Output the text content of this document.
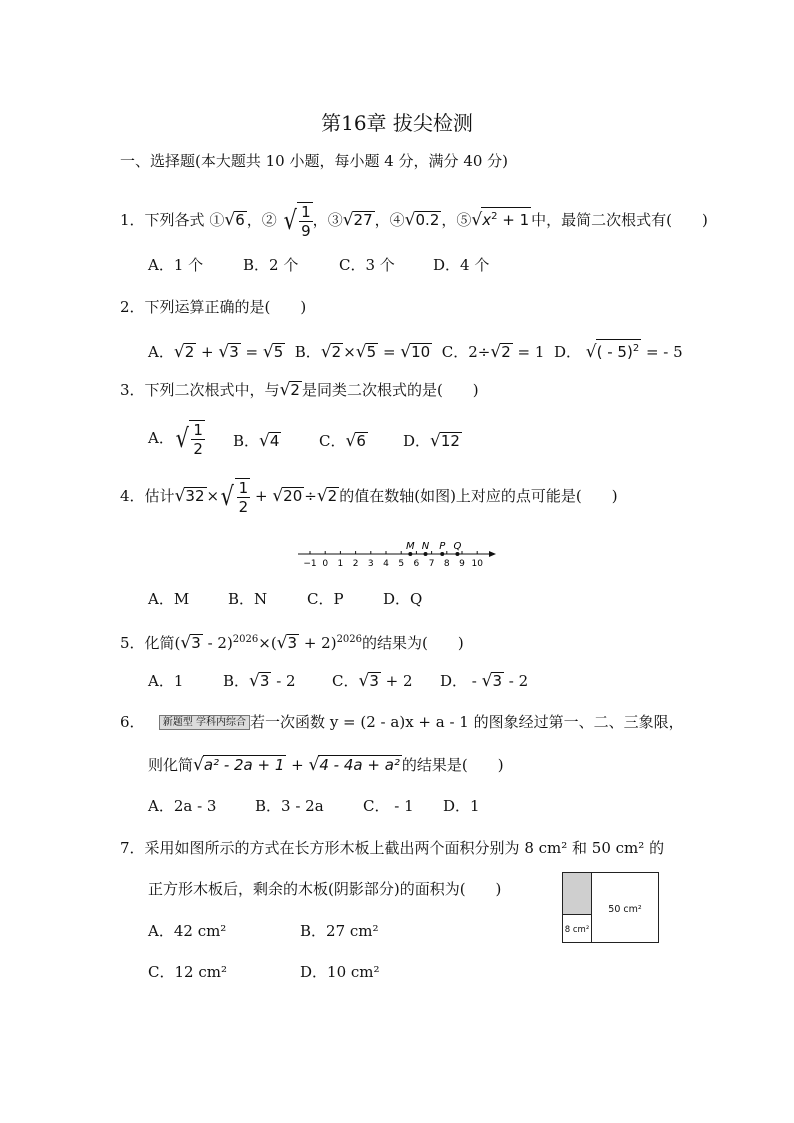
第16章 拔尖检测
一、选择题(本大题共 10 小题，每小题 4 分，满分 40 分)
1．下列各式 ①√6 ，② √ $\frac{1}{9}$ ，③√27 ，④√0.2 ，$⑤√x^2 + 1$ 中，最简二次根式有(　　)
A．1 个	B．2 个	C．3 个	D．4 个
2．下列运算正确的是(　　)
A．√2 + √3 = √5 B．√2 ×√5 = √10 C．2÷√2 = 1 D． √( - 5)$^2$ = - 5
3．下列二次根式中，与√2 是同类二次根式的是(　　)
A． √ $\frac{1}{2}$ B．√4	C．√6 D．√12
4．估计√32 × √ $\frac{1}{2} + √20 \div√2$ 的值在数轴(如图)上对应的点可能是(　　)
−1 0 1 2 3 4 5 6 7 8 9 10
M N P Q
A．M	B．N	C．P	D．Q
5．化简$(√3 - 2)^{2026}\times(√3 + 2)^{2026}$的结果为(　　)
A．1	B．√3 - 2 C．√3 + 2 D． - √3 - 2
6． 新题型 学科内综合 若一次函数 y = (2 - a)x + a - 1 的图象经过第一、二、三象限，
则化简√a² - 2a + 1 + √4 - 4a + a² 的结果是(　　)
A．2a - 3	B．3 - 2a	C． - 1 D．1
7．采用如图所示的方式在长方形木板上截出两个面积分别为 8 cm² 和 50 cm² 的
正方形木板后，剩余的木板(阴影部分)的面积为(　　)
A．42 cm²	B．27 cm²
C．12 cm²	D．10 cm²
8 cm²
50 cm²
